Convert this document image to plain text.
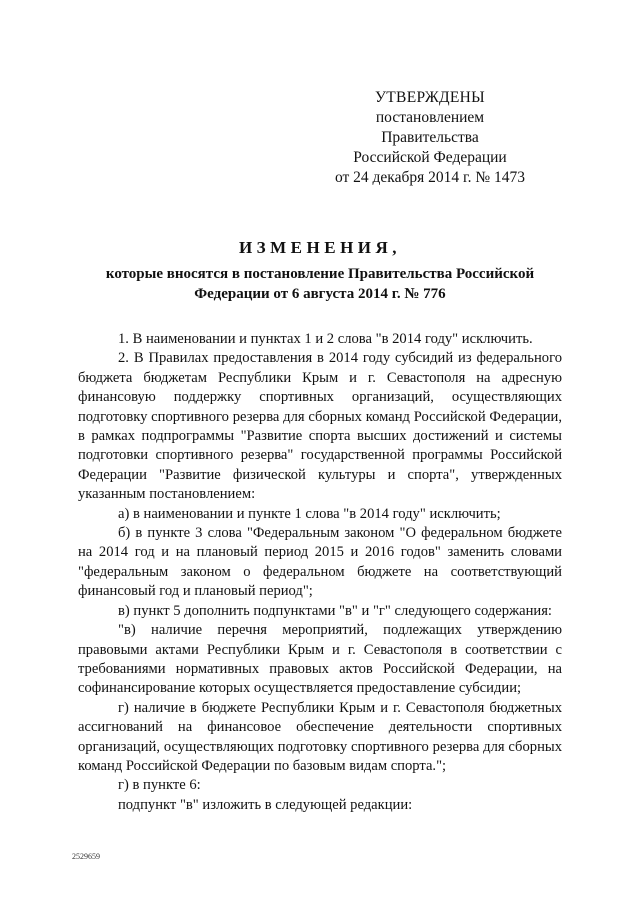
УТВЕРЖДЕНЫ
постановлением Правительства
Российской Федерации
от 24 декабря 2014 г. № 1473
ИЗМЕНЕНИЯ,
которые вносятся в постановление Правительства Российской
Федерации от 6 августа 2014 г. № 776

1. В наименовании и пунктах 1 и 2 слова "в 2014 году" исключить.

2. В Правилах предоставления в 2014 году субсидий из федерального бюджета бюджетам Республики Крым и г. Севастополя на адресную финансовую поддержку спортивных организаций, осуществляющих подготовку спортивного резерва для сборных команд Российской Федерации, в рамках подпрограммы "Развитие спорта высших достижений и системы подготовки спортивного резерва" государственной программы Российской Федерации "Развитие физической культуры и спорта", утвержденных указанным постановлением:

а) в наименовании и пункте 1 слова "в 2014 году" исключить;

б) в пункте 3 слова "Федеральным законом "О федеральном бюджете на 2014 год и на плановый период 2015 и 2016 годов" заменить словами "федеральным законом о федеральном бюджете на соответствующий финансовый год и плановый период";

в) пункт 5 дополнить подпунктами "в" и "г" следующего содержания:

"в) наличие перечня мероприятий, подлежащих утверждению правовыми актами Республики Крым и г. Севастополя в соответствии с требованиями нормативных правовых актов Российской Федерации, на софинансирование которых осуществляется предоставление субсидии;

г) наличие в бюджете Республики Крым и г. Севастополя бюджетных ассигнований на финансовое обеспечение деятельности спортивных организаций, осуществляющих подготовку спортивного резерва для сборных команд Российской Федерации по базовым видам спорта.";

г) в пункте 6:

подпункт "в" изложить в следующей редакции:

2529659
